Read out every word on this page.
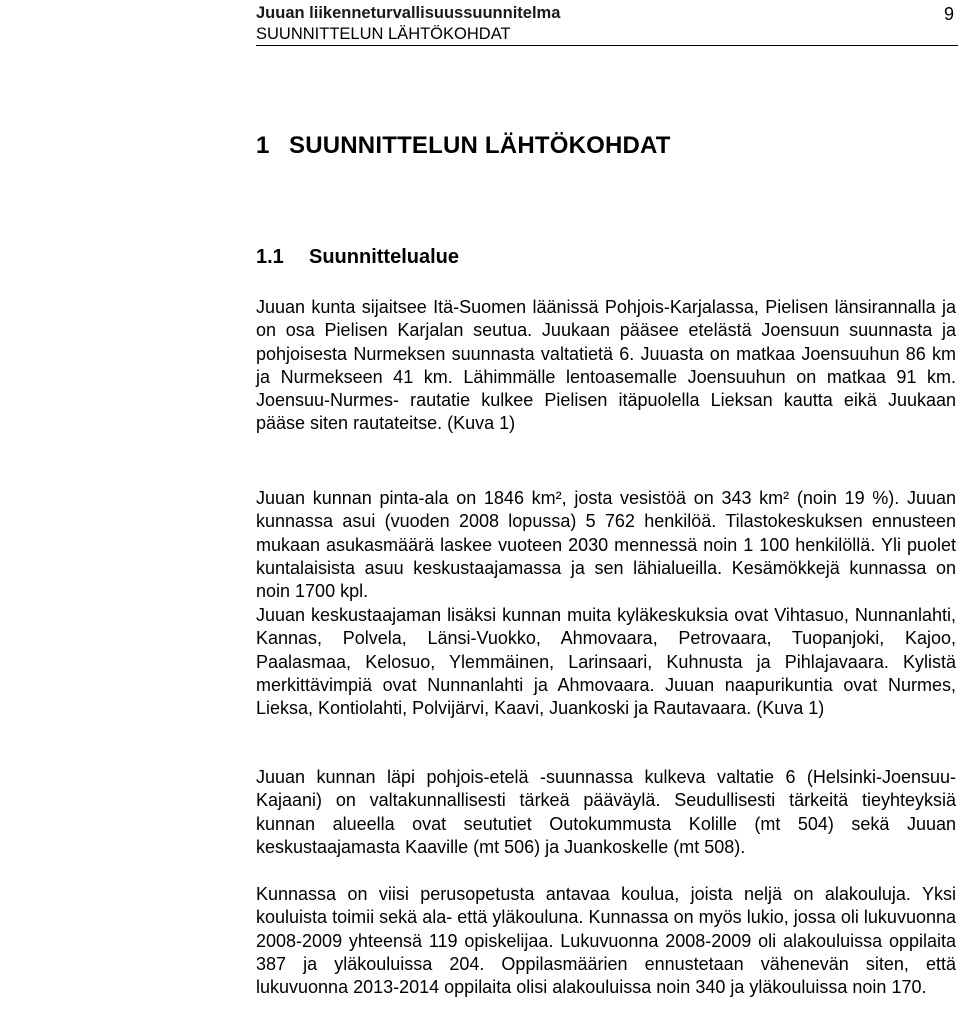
Juuan liikenneturvallisuussuunnitelma
SUUNNITTELUN LÄHTÖKOHDAT
9
1 SUUNNITTELUN LÄHTÖKOHDAT
1.1 Suunnittelualue

Juuan kunta sijaitsee Itä-Suomen läänissä Pohjois-Karjalassa, Pielisen länsirannalla ja on osa Pielisen Karjalan seutua. Juukaan pääsee etelästä Joensuun suunnasta ja pohjoisesta Nurmeksen suunnasta valtatietä 6. Juuasta on matkaa Joensuuhun 86 km ja Nurmekseen 41 km. Lähimmälle lentoasemalle Joensuuhun on matkaa 91 km. Joensuu-Nurmes- rautatie kulkee Pielisen itäpuolella Lieksan kautta eikä Juukaan pääse siten rautateitse. (Kuva 1)

Juuan kunnan pinta-ala on 1846 km², josta vesistöä on 343 km² (noin 19 %). Juuan kunnassa asui (vuoden 2008 lopussa) 5 762 henkilöä. Tilastokeskuksen ennusteen mukaan asukasmäärä laskee vuoteen 2030 mennessä noin 1 100 henkilöllä. Yli puolet kuntalaisista asuu keskustaajamassa ja sen lähialueilla. Kesämökkejä kunnassa on noin 1700 kpl.

Juuan keskustaajaman lisäksi kunnan muita kyläkeskuksia ovat Vihtasuo, Nunnanlahti, Kannas, Polvela, Länsi-Vuokko, Ahmovaara, Petrovaara, Tuopanjoki, Kajoo, Paalasmaa, Kelosuo, Ylemmäinen, Larinsaari, Kuhnusta ja Pihlajavaara. Kylistä merkittävimpiä ovat Nunnanlahti ja Ahmovaara. Juuan naapurikuntia ovat Nurmes, Lieksa, Kontiolahti, Polvijärvi, Kaavi, Juankoski ja Rautavaara. (Kuva 1)

Juuan kunnan läpi pohjois-etelä -suunnassa kulkeva valtatie 6 (Helsinki-Joensuu-Kajaani) on valtakunnallisesti tärkeä pääväylä. Seudullisesti tärkeitä tieyhteyksiä kunnan alueella ovat seututiet Outokummusta Kolille (mt 504) sekä Juuan keskustaajamasta Kaaville (mt 506) ja Juankoskelle (mt 508).

Kunnassa on viisi perusopetusta antavaa koulua, joista neljä on alakouluja. Yksi kouluista toimii sekä ala- että yläkouluna. Kunnassa on myös lukio, jossa oli lukuvuonna 2008-2009 yhteensä 119 opiskelijaa. Lukuvuonna 2008-2009 oli alakouluissa oppilaita 387 ja yläkouluissa 204. Oppilasmäärien ennustetaan vähenevän siten, että lukuvuonna 2013-2014 oppilaita olisi alakouluissa noin 340 ja yläkouluissa noin 170.
